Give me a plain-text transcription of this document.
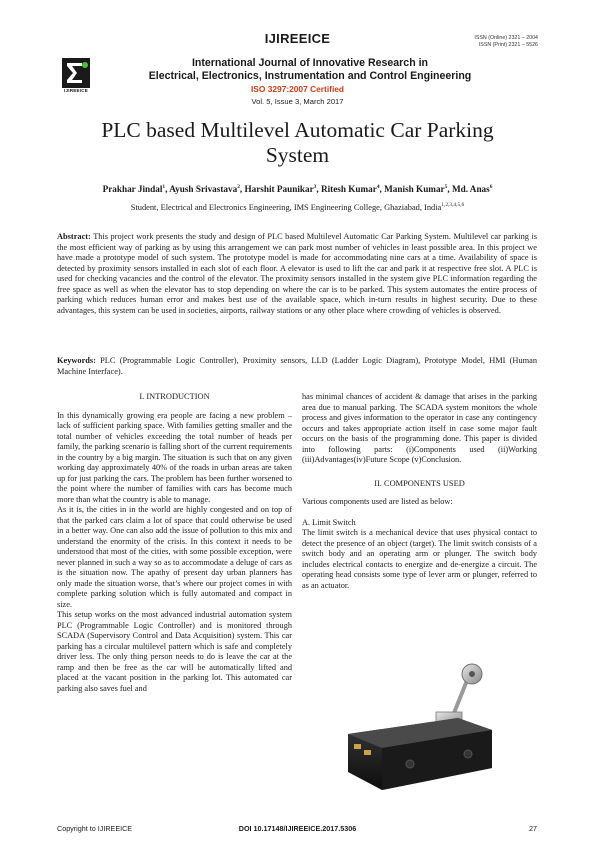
IJIREEICE	ISSN (Online) 2321 – 2004
ISSN (Print) 2321 – 5526
IJIREEICE
International Journal of Innovative Research in
Electrical, Electronics, Instrumentation and Control Engineering
ISO 3297:2007 Certified
Vol. 5, Issue 3, March 2017
PLC based Multilevel Automatic Car Parking
System
Prakhar Jindal$^1$, Ayush Srivastava$^2$, Harshit Paunikar$^3$, Ritesh Kumar$^4$, Manish Kumar$^5$, Md. Anas$^6$
Student, Electrical and Electronics Engineering, IMS Engineering College, Ghaziabad, India$^{1,2,3,4,5,6}$

Abstract: This project work presents the study and design of PLC based Multilevel Automatic Car Parking System. Multilevel car parking is the most efficient way of parking as by using this arrangement we can park most number of vehicles in least possible area. In this project we have made a prototype model of such system. The prototype model is made for accommodating nine cars at a time. Availability of space is detected by proximity sensors installed in each slot of each floor. A elevator is used to lift the car and park it at respective free slot. A PLC is used for checking vacancies and the control of the elevator. The proximity sensors installed in the system give PLC information regarding the free space as well as when the elevator has to stop depending on where the car is to be parked. This system automates the entire process of parking which reduces human error and makes best use of the available space, which in-turn results in highest security. Due to these advantages, this system can be used in societies, airports, railway stations or any other place where crowding of vehicles is observed.

Keywords: PLC (Programmable Logic Controller), Proximity sensors, LLD (Ladder Logic Diagram), Prototype Model, HMI (Human Machine Interface).

I. INTRODUCTION

In this dynamically growing era people are facing a new problem – lack of sufficient parking space. With families getting smaller and the total number of vehicles exceeding the total number of heads per family, the parking scenario is falling short of the current requirements in the country by a big margin. The situation is such that on any given working day approximately 40% of the roads in urban areas are taken up for just parking the cars. The problem has been further worsened to the point where the number of families with cars has become much more than what the country is able to manage.

As it is, the cities in in the world are highly congested and on top of that the parked cars claim a lot of space that could otherwise be used in a better way. One can also add the issue of pollution to this mix and understand the enormity of the crisis. In this context it needs to be understood that most of the cities, with some possible exception, were never planned in such a way so as to accommodate a deluge of cars as is the situation now. The apathy of present day urban planners has only made the situation worse, that’s where our project comes in with complete parking solution which is fully automated and compact in size.

This setup works on the most advanced industrial automation system PLC (Programmable Logic Controller) and is monitored through SCADA (Supervisory Control and Data Acquisition) system. This car parking has a circular multilevel pattern which is safe and completely driver less. The only thing person needs to do is leave the car at the ramp and then be free as the car will be automatically lifted and placed at the vacant position in the parking lot. This automated car parking also saves fuel and

has minimal chances of accident & damage that arises in the parking area due to manual parking. The SCADA system monitors the whole process and gives information to the operator in case any contingency occurs and takes appropriate action itself in case some major fault occurs on the basis of the programming done. This paper is divided into following parts: (i)Components used (ii)Working (iii)Advantages(iv)Future Scope (v)Conclusion.

II. COMPONENTS USED

Various components used are listed as below:

A. Limit Switch

The limit switch is a mechanical device that uses physical contact to detect the presence of an object (target). The limit switch consists of a switch body and an operating arm or plunger. The switch body includes electrical contacts to energize and de-energize a circuit. The operating head consists some type of lever arm or plunger, referred to as an actuator.

Copyright to IJIREEICE	DOI 10.17148/IJIREEICE.2017.5306	27
